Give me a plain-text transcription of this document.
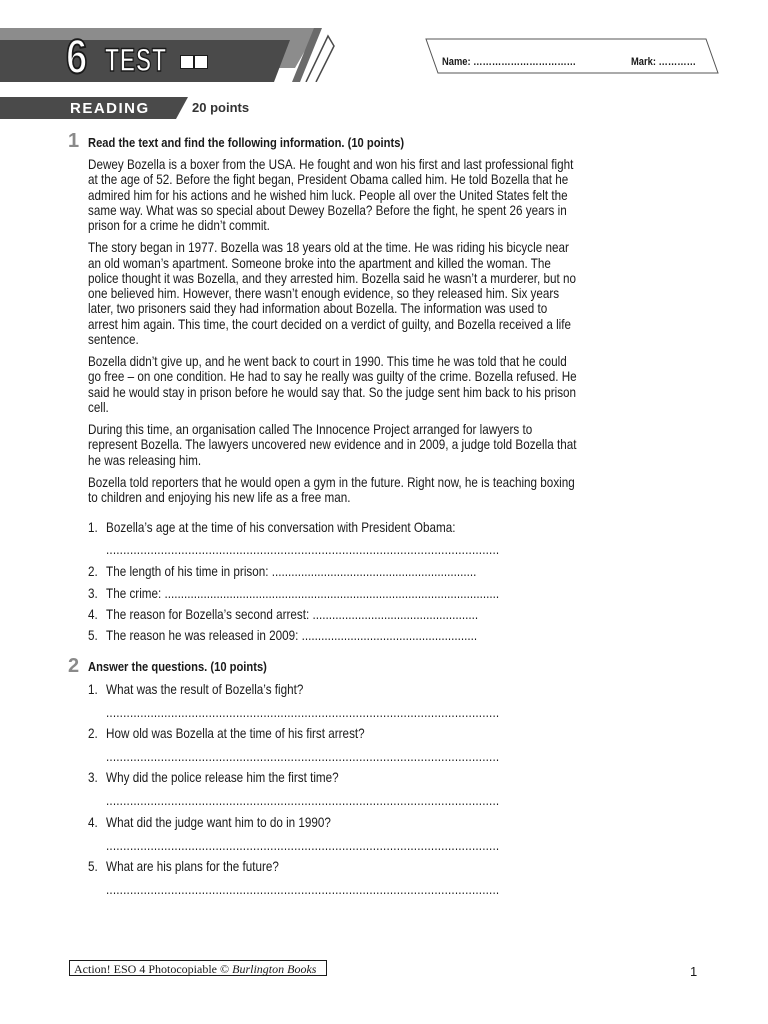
6 TEST	Name: ……………………………	Mark: …………
READING	20 points
1 Read the text and find the following information. (10 points)

Dewey Bozella is a boxer from the USA. He fought and won his first and last professional fight at the age of 52. Before the fight began, President Obama called him. He told Bozella that he admired him for his actions and he wished him luck. People all over the United States felt the same way. What was so special about Dewey Bozella? Before the fight, he spent 26 years in prison for a crime he didn’t commit.

The story began in 1977. Bozella was 18 years old at the time. He was riding his bicycle near an old woman’s apartment. Someone broke into the apartment and killed the woman. The police thought it was Bozella, and they arrested him. Bozella said he wasn’t a murderer, but no one believed him. However, there wasn’t enough evidence, so they released him. Six years later, two prisoners said they had information about Bozella. The information was used to arrest him again. This time, the court decided on a verdict of guilty, and Bozella received a life sentence.

Bozella didn’t give up, and he went back to court in 1990. This time he was told that he could go free – on one condition. He had to say he really was guilty of the crime. Bozella refused. He said he would stay in prison before he would say that. So the judge sent him back to his prison cell.

During this time, an organisation called The Innocence Project arranged for lawyers to represent Bozella. The lawyers uncovered new evidence and in 2009, a judge told Bozella that he was releasing him.

Bozella told reporters that he would open a gym in the future. Right now, he is teaching boxing to children and enjoying his new life as a free man.

1. Bozella’s age at the time of his conversation with President Obama:
...................................................................................................................
2. The length of his time in prison: ...............................................................
3. The crime: .......................................................................................................
4. The reason for Bozella’s second arrest: ...................................................
5. The reason he was released in 2009: ......................................................
2 Answer the questions. (10 points)
1. What was the result of Bozella’s fight?
...................................................................................................................
2. How old was Bozella at the time of his first arrest?
...................................................................................................................
3. Why did the police release him the first time?
...................................................................................................................
4. What did the judge want him to do in 1990?
...................................................................................................................
5. What are his plans for the future?
...................................................................................................................
Action! ESO 4 Photocopiable © Burlington Books	1
